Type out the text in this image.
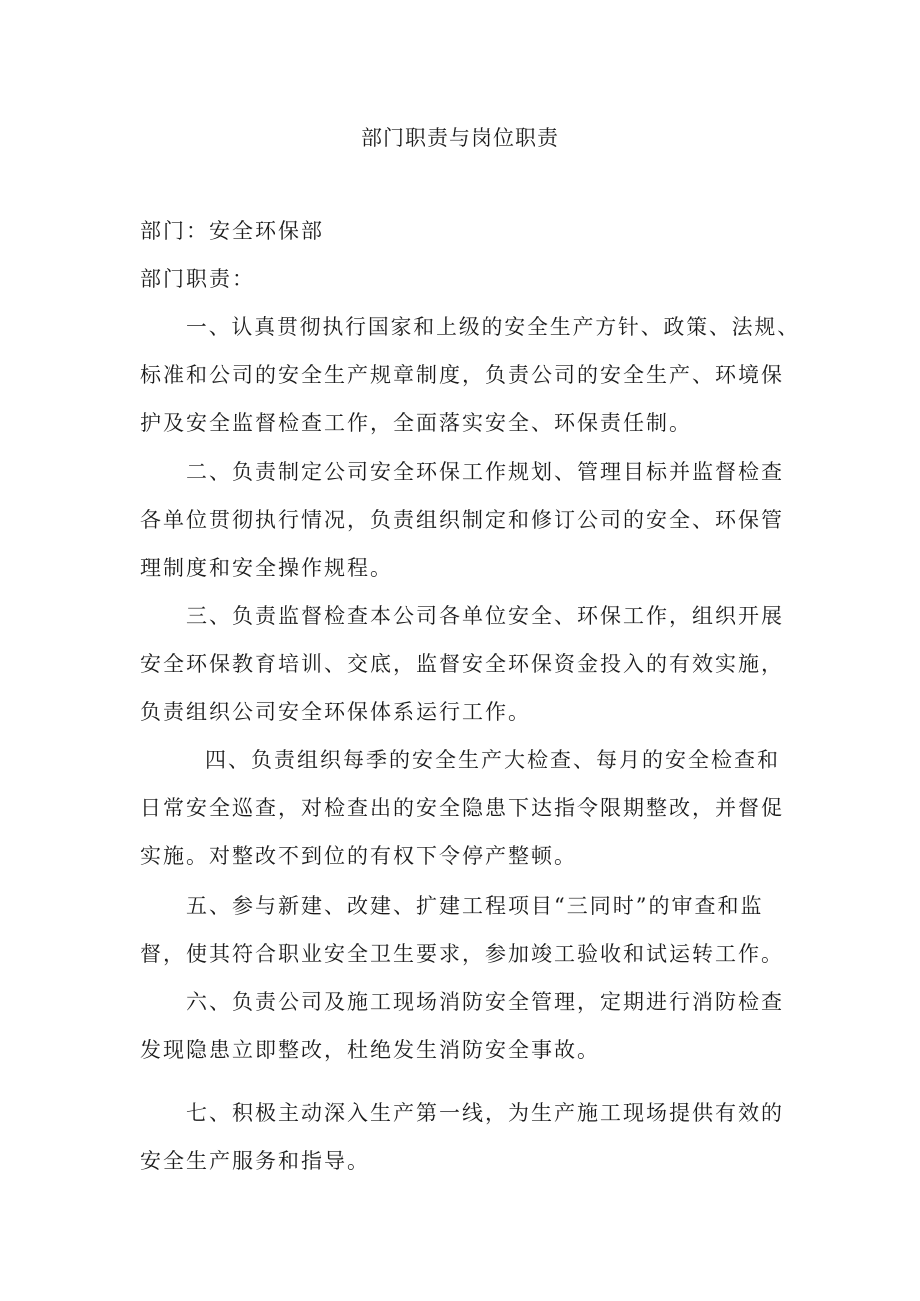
部门职责与岗位职责
部门：安全环保部
部门职责：
一、认真贯彻执行国家和上级的安全生产方针、政策、法规、
标准和公司的安全生产规章制度，负责公司的安全生产、环境保
护及安全监督检查工作，全面落实安全、环保责任制。
二、负责制定公司安全环保工作规划、管理目标并监督检查
各单位贯彻执行情况，负责组织制定和修订公司的安全、环保管
理制度和安全操作规程。
三、负责监督检查本公司各单位安全、环保工作，组织开展
安全环保教育培训、交底，监督安全环保资金投入的有效实施，
负责组织公司安全环保体系运行工作。
四、负责组织每季的安全生产大检查、每月的安全检查和
日常安全巡查，对检查出的安全隐患下达指令限期整改，并督促
实施。对整改不到位的有权下令停产整顿。
五、参与新建、改建、扩建工程项目“三同时”的审查和监
督，使其符合职业安全卫生要求，参加竣工验收和试运转工作。
六、负责公司及施工现场消防安全管理，定期进行消防检查
发现隐患立即整改，杜绝发生消防安全事故。
七、积极主动深入生产第一线，为生产施工现场提供有效的
安全生产服务和指导。
